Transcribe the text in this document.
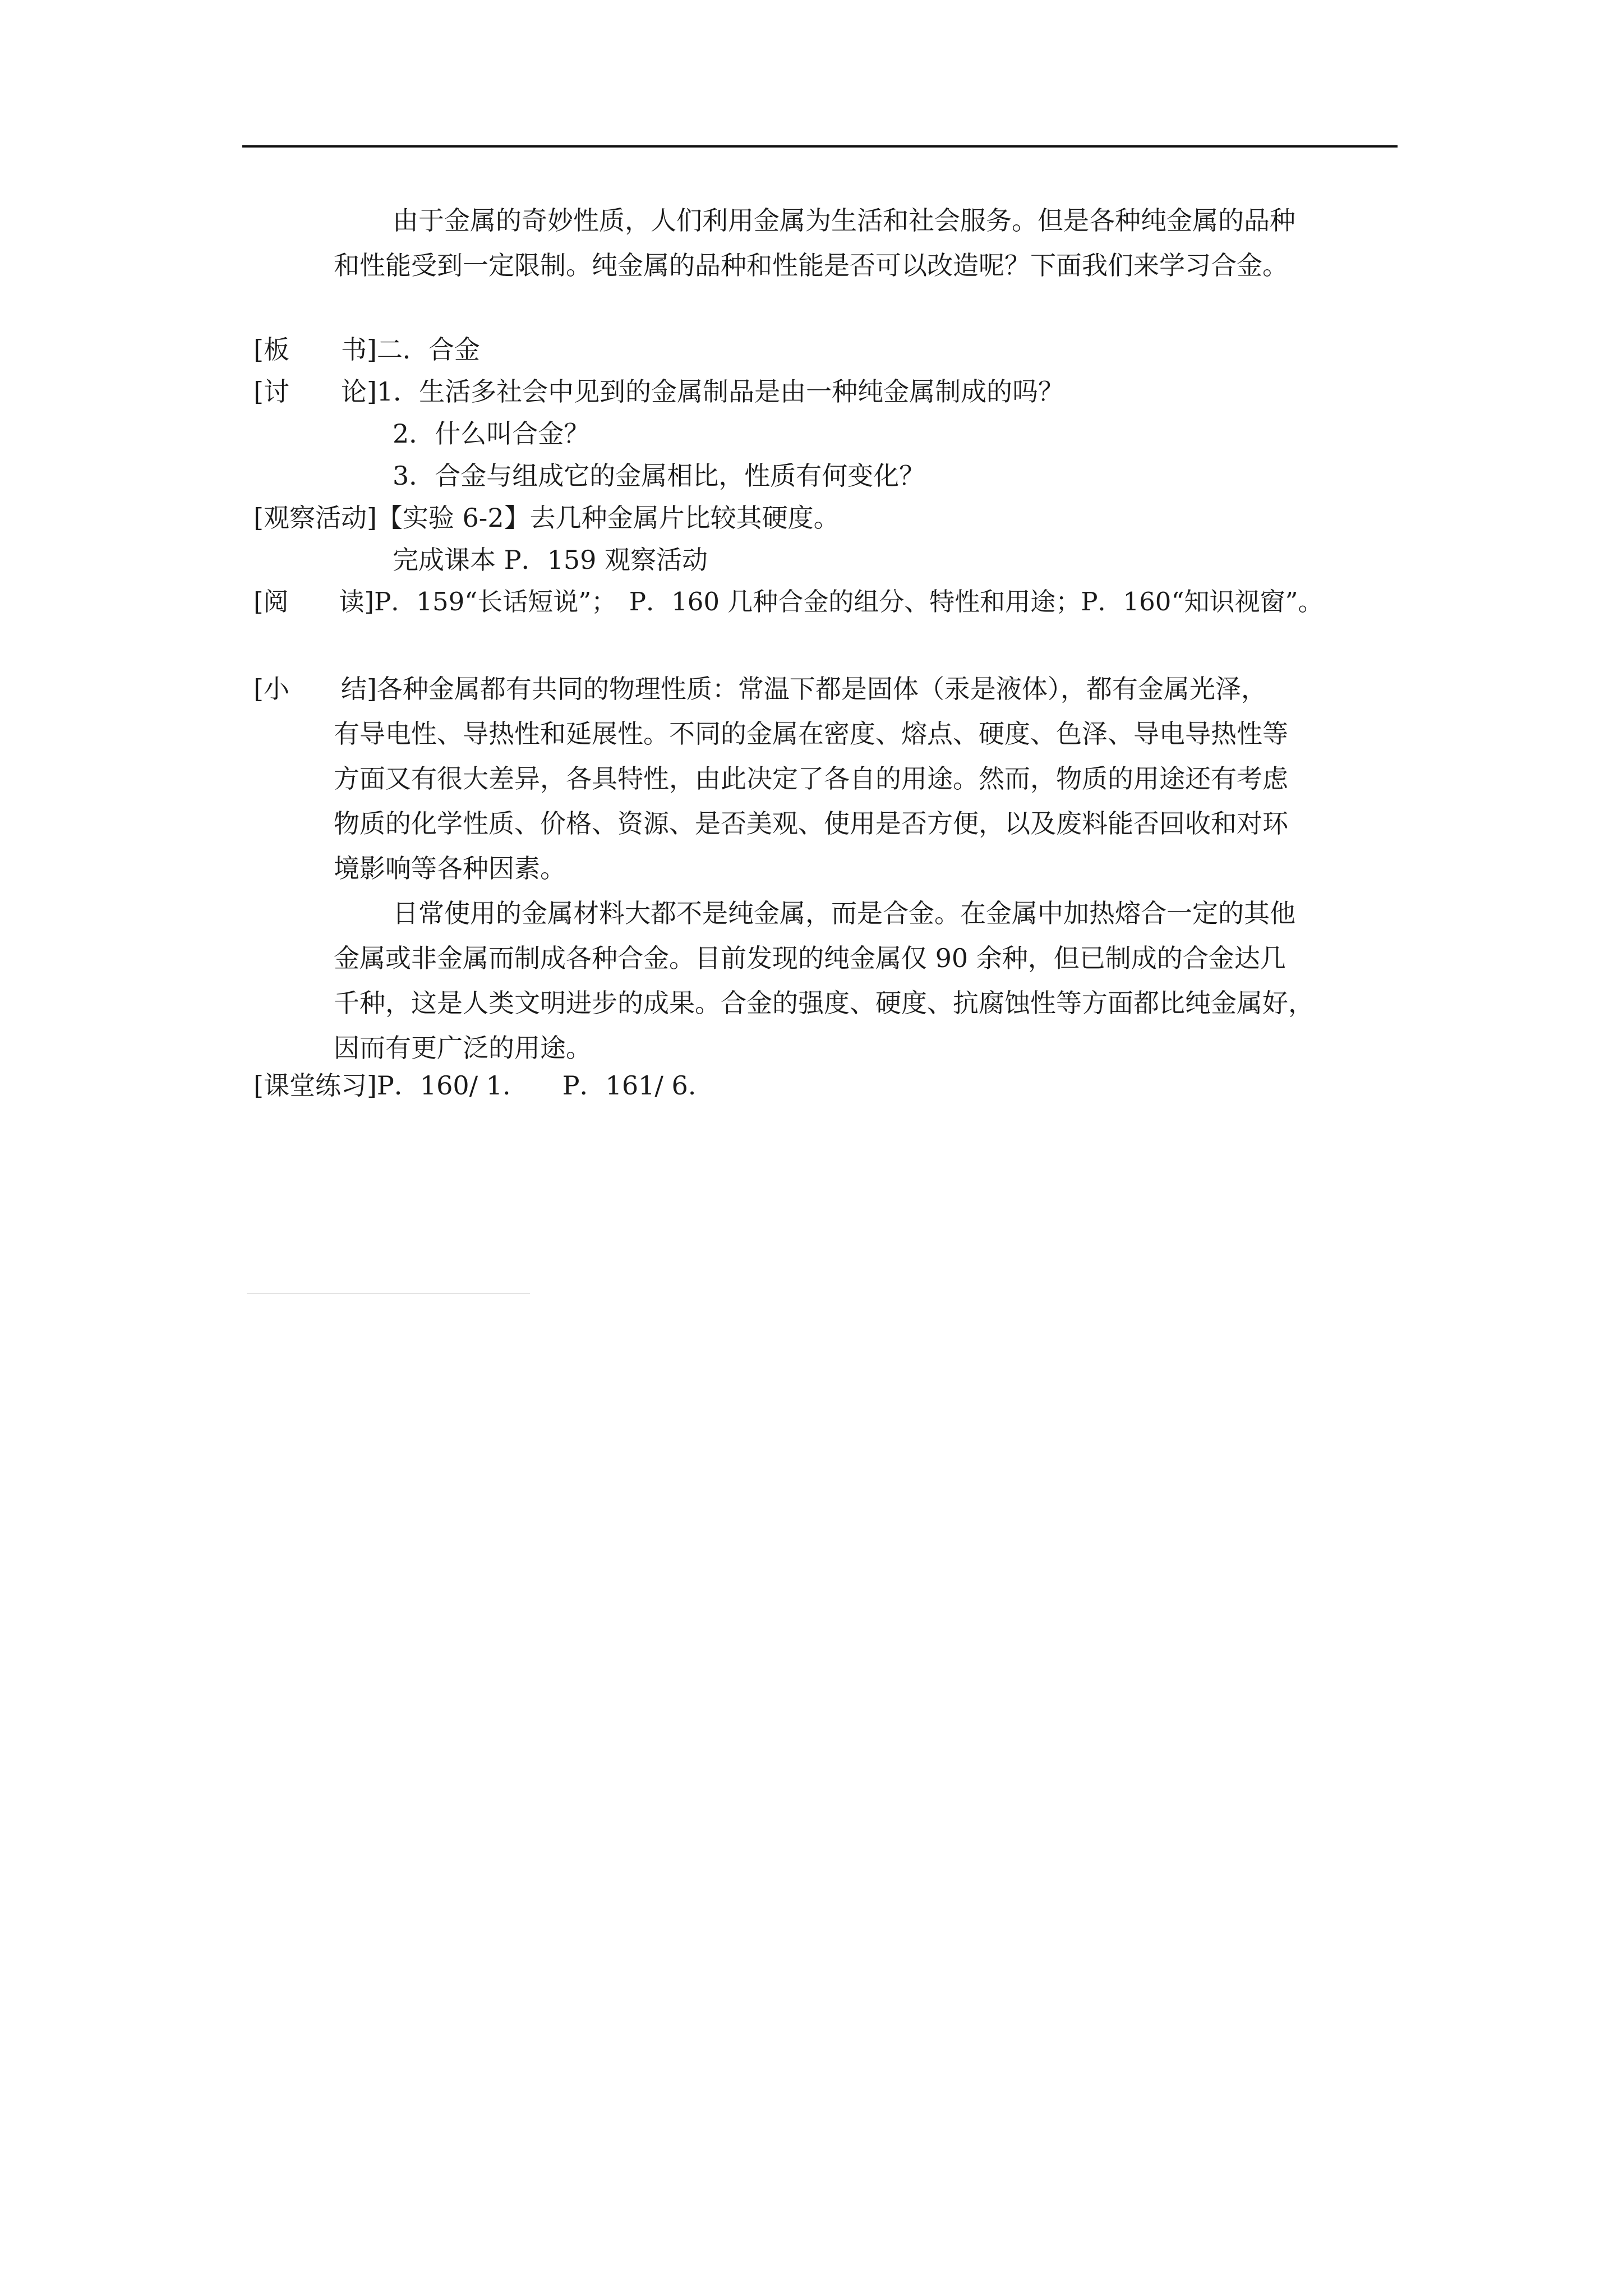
由于金属的奇妙性质，人们利用金属为生活和社会服务。但是各种纯金属的品种
和性能受到一定限制。纯金属的品种和性能是否可以改造呢？下面我们来学习合金。
[板　　书]二．合金
[讨　　论]1．生活多社会中见到的金属制品是由一种纯金属制成的吗？
2．什么叫合金？
3．合金与组成它的金属相比，性质有何变化？
[观察活动]【实验 6-2】去几种金属片比较其硬度。
完成课本 P．159 观察活动
[阅　　读]P．159“长话短说”；　P．160 几种合金的组分、特性和用途；P．160“知识视窗”。
[小　　结]各种金属都有共同的物理性质：常温下都是固体（汞是液体），都有金属光泽，
有导电性、导热性和延展性。不同的金属在密度、熔点、硬度、色泽、导电导热性等
方面又有很大差异，各具特性，由此决定了各自的用途。然而，物质的用途还有考虑
物质的化学性质、价格、资源、是否美观、使用是否方便，以及废料能否回收和对环
境影响等各种因素。
日常使用的金属材料大都不是纯金属，而是合金。在金属中加热熔合一定的其他
金属或非金属而制成各种合金。目前发现的纯金属仅 90 余种，但已制成的合金达几
千种，这是人类文明进步的成果。合金的强度、硬度、抗腐蚀性等方面都比纯金属好，
因而有更广泛的用途。
[课堂练习]P．160/ 1.　　P．161/ 6.
